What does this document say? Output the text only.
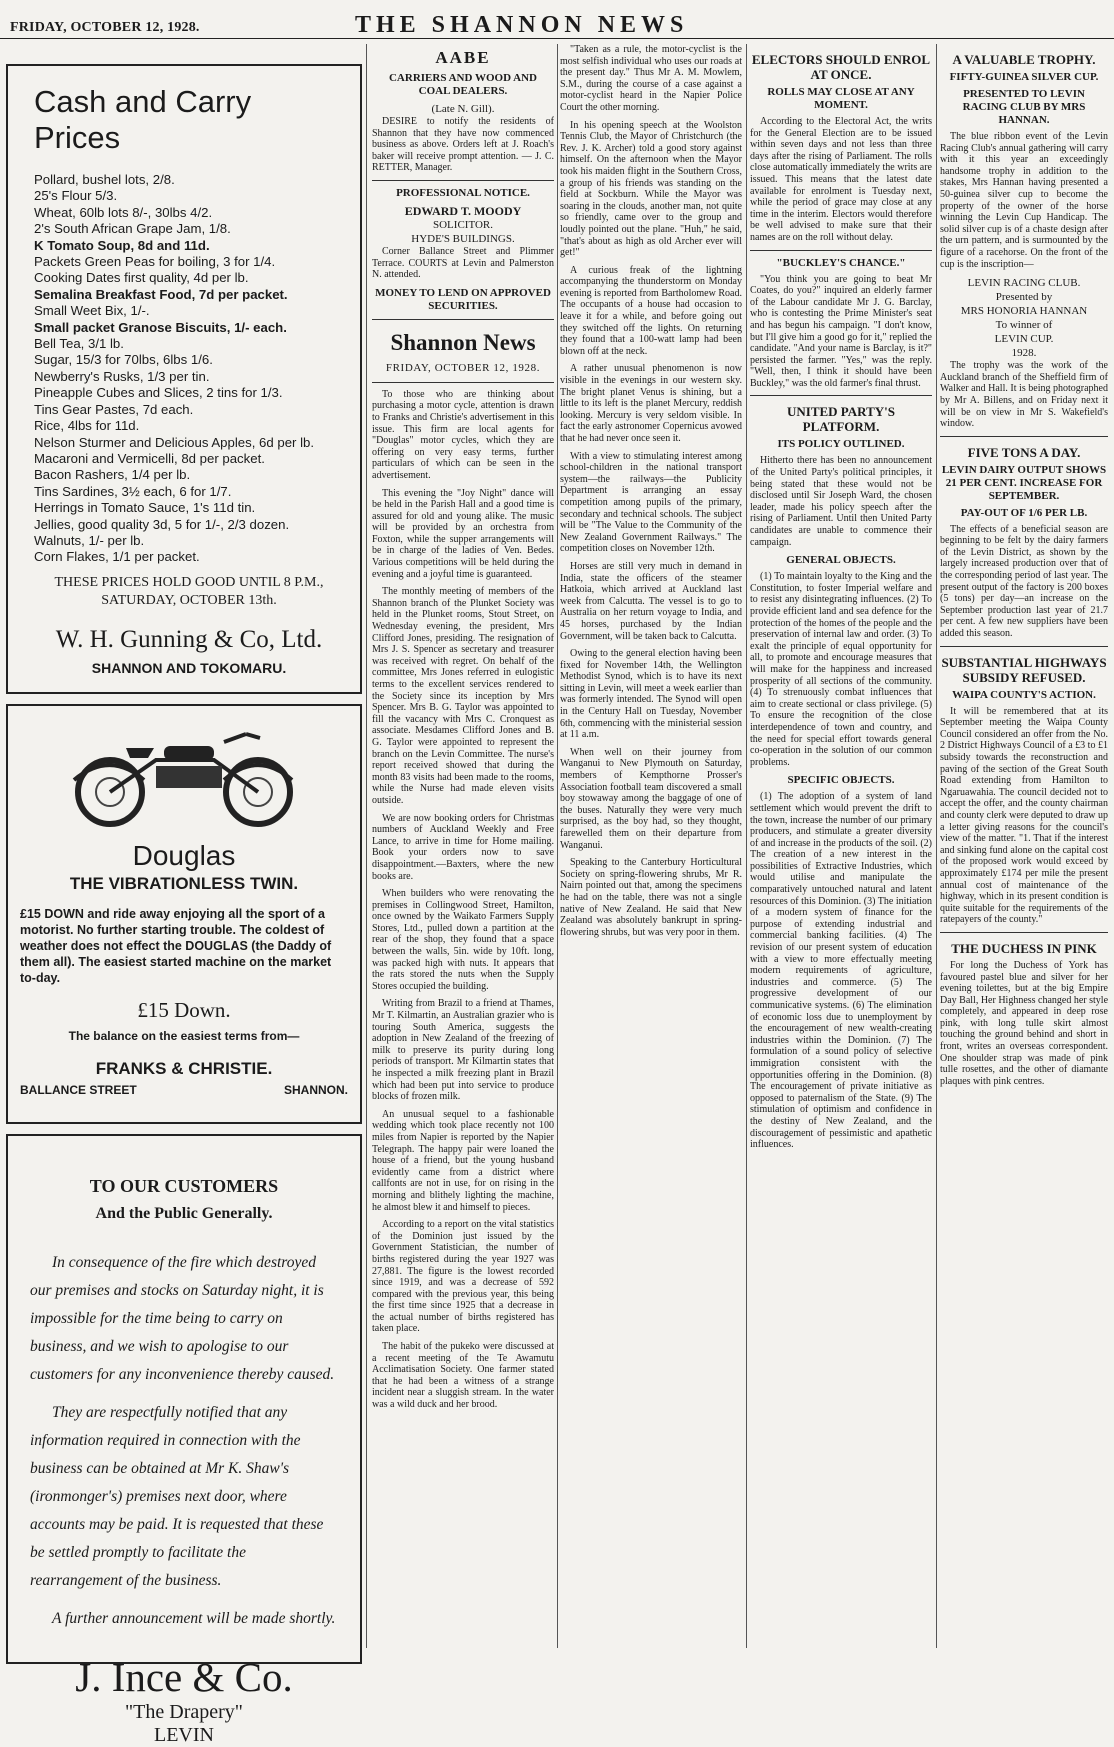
FRIDAY, OCTOBER 12, 1928.	THE SHANNON NEWS
Cash and Carry Prices

Pollard, bushel lots, 2/8.

25's Flour 5/3.

Wheat, 60lb lots 8/-, 30lbs 4/2.

2's South African Grape Jam, 1/8.

K Tomato Soup, 8d and 11d.

Packets Green Peas for boiling, 3 for 1/4.

Cooking Dates first quality, 4d per lb.

Semalina Breakfast Food, 7d per packet.

Small Weet Bix, 1/-.

Small packet Granose Biscuits, 1/- each.

Bell Tea, 3/1 lb.

Sugar, 15/3 for 70lbs, 6lbs 1/6.

Newberry's Rusks, 1/3 per tin.

Pineapple Cubes and Slices, 2 tins for 1/3.

Tins Gear Pastes, 7d each.

Rice, 4lbs for 11d.

Nelson Sturmer and Delicious Apples, 6d per lb.

Macaroni and Vermicelli, 8d per packet.

Bacon Rashers, 1/4 per lb.

Tins Sardines, 3½ each, 6 for 1/7.

Herrings in Tomato Sauce, 1's 11d tin.

Jellies, good quality 3d, 5 for 1/-, 2/3 dozen.

Walnuts, 1/- per lb.

Corn Flakes, 1/1 per packet.

THESE PRICES HOLD GOOD UNTIL 8 P.M.,
SATURDAY, OCTOBER 13th.
W. H. Gunning & Co, Ltd.
SHANNON AND TOKOMARU.
Douglas
THE VIBRATIONLESS TWIN.
£15 DOWN and ride away enjoying all the sport of a motorist. No further starting trouble. The coldest of weather does not effect the DOUGLAS (the Daddy of them all). The easiest started machine on the market to-day.
£15 Down.
The balance on the easiest terms from—
FRANKS & CHRISTIE.
BALLANCE STREET	SHANNON.
TO OUR CUSTOMERS
And the Public Generally.

In consequence of the fire which destroyed our premises and stocks on Saturday night, it is impossible for the time being to carry on business, and we wish to apologise to our customers for any inconvenience thereby caused.

They are respectfully notified that any information required in connection with the business can be obtained at Mr K. Shaw's (ironmonger's) premises next door, where accounts may be paid. It is requested that these be settled promptly to facilitate the rearrangement of the business.

A further announcement will be made shortly.

J. Ince & Co.
"The Drapery"
LEVIN
AABE
CARRIERS AND WOOD AND COAL DEALERS.
(Late N. Gill).

DESIRE to notify the residents of Shannon that they have now commenced business as above. Orders left at J. Roach's baker will receive prompt attention. — J. C. RETTER, Manager.

PROFESSIONAL NOTICE.
EDWARD T. MOODY
SOLICITOR.
HYDE'S BUILDINGS.

Corner Ballance Street and Plimmer Terrace. COURTS at Levin and Palmerston N. attended.

MONEY TO LEND ON APPROVED SECURITIES.
Shannon News
FRIDAY, OCTOBER 12, 1928.

To those who are thinking about purchasing a motor cycle, attention is drawn to Franks and Christie's advertisement in this issue. This firm are local agents for "Douglas" motor cycles, which they are offering on very easy terms, further particulars of which can be seen in the advertisement.

This evening the "Joy Night" dance will be held in the Parish Hall and a good time is assured for old and young alike. The music will be provided by an orchestra from Foxton, while the supper arrangements will be in charge of the ladies of Ven. Bedes. Various competitions will be held during the evening and a joyful time is guaranteed.

The monthly meeting of members of the Shannon branch of the Plunket Society was held in the Plunket rooms, Stout Street, on Wednesday evening, the president, Mrs Clifford Jones, presiding. The resignation of Mrs J. S. Spencer as secretary and treasurer was received with regret. On behalf of the committee, Mrs Jones referred in eulogistic terms to the excellent services rendered to the Society since its inception by Mrs Spencer. Mrs B. G. Taylor was appointed to fill the vacancy with Mrs C. Cronquest as associate. Mesdames Clifford Jones and B. G. Taylor were appointed to represent the branch on the Levin Committee. The nurse's report received showed that during the month 83 visits had been made to the rooms, while the Nurse had made eleven visits outside.

We are now booking orders for Christmas numbers of Auckland Weekly and Free Lance, to arrive in time for Home mailing. Book your orders now to save disappointment.—Baxters, where the new books are.

When builders who were renovating the premises in Collingwood Street, Hamilton, once owned by the Waikato Farmers Supply Stores, Ltd., pulled down a partition at the rear of the shop, they found that a space between the walls, 5in. wide by 10ft. long, was packed high with nuts. It appears that the rats stored the nuts when the Supply Stores occupied the building.

Writing from Brazil to a friend at Thames, Mr T. Kilmartin, an Australian grazier who is touring South America, suggests the adoption in New Zealand of the freezing of milk to preserve its purity during long periods of transport. Mr Kilmartin states that he inspected a milk freezing plant in Brazil which had been put into service to produce blocks of frozen milk.

An unusual sequel to a fashionable wedding which took place recently not 100 miles from Napier is reported by the Napier Telegraph. The happy pair were loaned the house of a friend, but the young husband evidently came from a district where callfonts are not in use, for on rising in the morning and blithely lighting the machine, he almost blew it and himself to pieces.

According to a report on the vital statistics of the Dominion just issued by the Government Statistician, the number of births registered during the year 1927 was 27,881. The figure is the lowest recorded since 1919, and was a decrease of 592 compared with the previous year, this being the first time since 1925 that a decrease in the actual number of births registered has taken place.

The habit of the pukeko were discussed at a recent meeting of the Te Awamutu Acclimatisation Society. One farmer stated that he had been a witness of a strange incident near a sluggish stream. In the water was a wild duck and her brood.

"Taken as a rule, the motor-cyclist is the most selfish individual who uses our roads at the present day." Thus Mr A. M. Mowlem, S.M., during the course of a case against a motor-cyclist heard in the Napier Police Court the other morning.

In his opening speech at the Woolston Tennis Club, the Mayor of Christchurch (the Rev. J. K. Archer) told a good story against himself. On the afternoon when the Mayor took his maiden flight in the Southern Cross, a group of his friends was standing on the field at Sockburn. While the Mayor was soaring in the clouds, another man, not quite so friendly, came over to the group and loudly pointed out the plane. "Huh," he said, "that's about as high as old Archer ever will get!"

A curious freak of the lightning accompanying the thunderstorm on Monday evening is reported from Bartholomew Road. The occupants of a house had occasion to leave it for a while, and before going out they switched off the lights. On returning they found that a 100-watt lamp had been blown off at the neck.

A rather unusual phenomenon is now visible in the evenings in our western sky. The bright planet Venus is shining, but a little to its left is the planet Mercury, reddish looking. Mercury is very seldom visible. In fact the early astronomer Copernicus avowed that he had never once seen it.

With a view to stimulating interest among school-children in the national transport system—the railways—the Publicity Department is arranging an essay competition among pupils of the primary, secondary and technical schools. The subject will be "The Value to the Community of the New Zealand Government Railways." The competition closes on November 12th.

Horses are still very much in demand in India, state the officers of the steamer Hatkoia, which arrived at Auckland last week from Calcutta. The vessel is to go to Australia on her return voyage to India, and 45 horses, purchased by the Indian Government, will be taken back to Calcutta.

Owing to the general election having been fixed for November 14th, the Wellington Methodist Synod, which is to have its next sitting in Levin, will meet a week earlier than was formerly intended. The Synod will open in the Century Hall on Tuesday, November 6th, commencing with the ministerial session at 11 a.m.

When well on their journey from Wanganui to New Plymouth on Saturday, members of Kempthorne Prosser's Association football team discovered a small boy stowaway among the baggage of one of the buses. Naturally they were very much surprised, as the boy had, so they thought, farewelled them on their departure from Wanganui.

Speaking to the Canterbury Horticultural Society on spring-flowering shrubs, Mr R. Nairn pointed out that, among the specimens he had on the table, there was not a single native of New Zealand. He said that New Zealand was absolutely bankrupt in spring-flowering shrubs, but was very poor in them.

ELECTORS SHOULD ENROL AT ONCE.
ROLLS MAY CLOSE AT ANY MOMENT.

According to the Electoral Act, the writs for the General Election are to be issued within seven days and not less than three days after the rising of Parliament. The rolls close automatically immediately the writs are issued. This means that the latest date available for enrolment is Tuesday next, while the period of grace may close at any time in the interim. Electors would therefore be well advised to make sure that their names are on the roll without delay.

"BUCKLEY'S CHANCE."

"You think you are going to beat Mr Coates, do you?" inquired an elderly farmer of the Labour candidate Mr J. G. Barclay, who is contesting the Prime Minister's seat and has begun his campaign. "I don't know, but I'll give him a good go for it," replied the candidate. "And your name is Barclay, is it?" persisted the farmer. "Yes," was the reply. "Well, then, I think it should have been Buckley," was the old farmer's final thrust.

UNITED PARTY'S PLATFORM.
ITS POLICY OUTLINED.

Hitherto there has been no announcement of the United Party's political principles, it being stated that these would not be disclosed until Sir Joseph Ward, the chosen leader, made his policy speech after the rising of Parliament. Until then United Party candidates are unable to commence their campaign.

GENERAL OBJECTS.

(1) To maintain loyalty to the King and the Constitution, to foster Imperial welfare and to resist any disintegrating influences. (2) To provide efficient land and sea defence for the protection of the homes of the people and the preservation of internal law and order. (3) To exalt the principle of equal opportunity for all, to promote and encourage measures that will make for the happiness and increased prosperity of all sections of the community. (4) To strenuously combat influences that aim to create sectional or class privilege. (5) To ensure the recognition of the close interdependence of town and country, and the need for special effort towards general co-operation in the solution of our common problems.

SPECIFIC OBJECTS.

(1) The adoption of a system of land settlement which would prevent the drift to the town, increase the number of our primary producers, and stimulate a greater diversity of and increase in the products of the soil. (2) The creation of a new interest in the possibilities of Extractive Industries, which would utilise and manipulate the comparatively untouched natural and latent resources of this Dominion. (3) The initiation of a modern system of finance for the purpose of extending industrial and commercial banking facilities. (4) The revision of our present system of education with a view to more effectually meeting modern requirements of agriculture, industries and commerce. (5) The progressive development of our communicative systems. (6) The elimination of economic loss due to unemployment by the encouragement of new wealth-creating industries within the Dominion. (7) The formulation of a sound policy of selective immigration consistent with the opportunities offering in the Dominion. (8) The encouragement of private initiative as opposed to paternalism of the State. (9) The stimulation of optimism and confidence in the destiny of New Zealand, and the discouragement of pessimistic and apathetic influences.

A VALUABLE TROPHY.
FIFTY-GUINEA SILVER CUP.
PRESENTED TO LEVIN RACING CLUB BY MRS HANNAN.

The blue ribbon event of the Levin Racing Club's annual gathering will carry with it this year an exceedingly handsome trophy in addition to the stakes, Mrs Hannan having presented a 50-guinea silver cup to become the property of the owner of the horse winning the Levin Cup Handicap. The solid silver cup is of a chaste design after the urn pattern, and is surmounted by the figure of a racehorse. On the front of the cup is the inscription—

LEVIN RACING CLUB.
Presented by
MRS HONORIA HANNAN
To winner of
LEVIN CUP.
1928.

The trophy was the work of the Auckland branch of the Sheffield firm of Walker and Hall. It is being photographed by Mr A. Billens, and on Friday next it will be on view in Mr S. Wakefield's window.

FIVE TONS A DAY.
LEVIN DAIRY OUTPUT SHOWS 21 PER CENT. INCREASE FOR SEPTEMBER.
PAY-OUT OF 1/6 PER LB.

The effects of a beneficial season are beginning to be felt by the dairy farmers of the Levin District, as shown by the largely increased production over that of the corresponding period of last year. The present output of the factory is 200 boxes (5 tons) per day—an increase on the September production last year of 21.7 per cent. A few new suppliers have been added this season.

SUBSTANTIAL HIGHWAYS SUBSIDY REFUSED.
WAIPA COUNTY'S ACTION.

It will be remembered that at its September meeting the Waipa County Council considered an offer from the No. 2 District Highways Council of a £3 to £1 subsidy towards the reconstruction and paving of the section of the Great South Road extending from Hamilton to Ngaruawahia. The council decided not to accept the offer, and the county chairman and county clerk were deputed to draw up a letter giving reasons for the council's view of the matter. "1. That if the interest and sinking fund alone on the capital cost of the proposed work would exceed by approximately £174 per mile the present annual cost of maintenance of the highway, which in its present condition is quite suitable for the requirements of the ratepayers of the county."

THE DUCHESS IN PINK

For long the Duchess of York has favoured pastel blue and silver for her evening toilettes, but at the big Empire Day Ball, Her Highness changed her style completely, and appeared in deep rose pink, with long tulle skirt almost touching the ground behind and short in front, writes an overseas correspondent. One shoulder strap was made of pink tulle rosettes, and the other of diamante plaques with pink centres.
